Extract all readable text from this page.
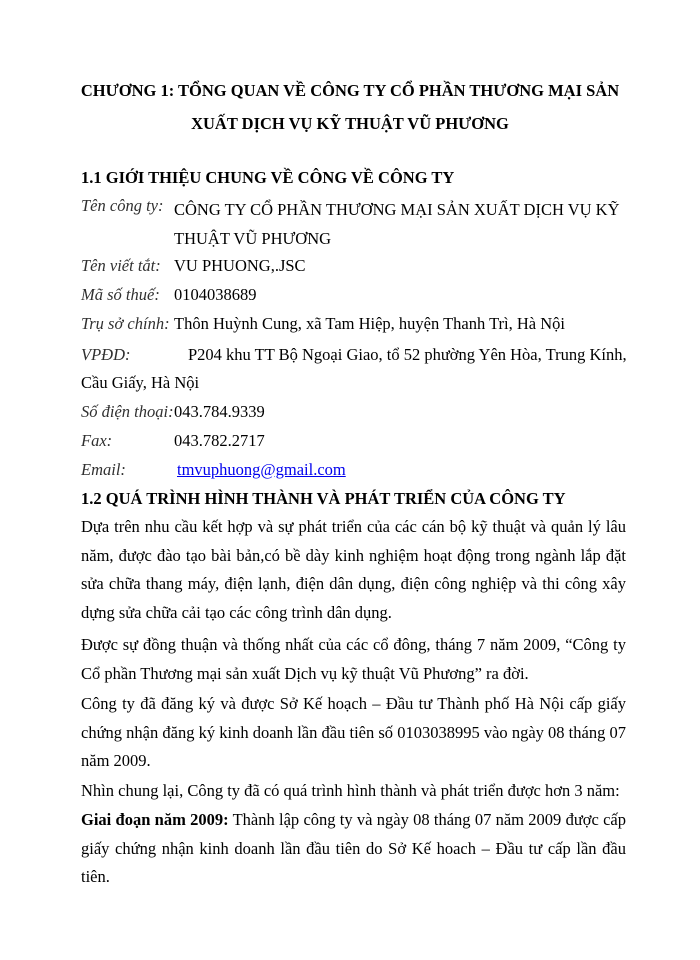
CHƯƠNG 1: TỔNG QUAN VỀ CÔNG TY CỔ PHẦN THƯƠNG MẠI SẢN
XUẤT DỊCH VỤ KỸ THUẬT VŨ PHƯƠNG
1.1 GIỚI THIỆU CHUNG VỀ CÔNG VỀ CÔNG TY
Tên công ty: CÔNG TY CỔ PHẦN THƯƠNG MẠI SẢN XUẤT DỊCH VỤ KỸ THUẬT VŨ PHƯƠNG
Tên viết tắt: VU PHUONG,.JSC
Mã số thuế: 0104038689
Trụ sở chính: Thôn Huỳnh Cung, xã Tam Hiệp, huyện Thanh Trì, Hà Nội
VPĐD:	P204 khu TT Bộ Ngoại Giao, tổ 52 phường Yên Hòa, Trung Kính,
Cầu Giấy, Hà Nội
Số điện thoại: 043.784.9339
Fax:	043.782.2717
Email:	tmvuphuong@gmail.com
1.2 QUÁ TRÌNH HÌNH THÀNH VÀ PHÁT TRIỂN CỦA CÔNG TY
Dựa trên nhu cầu kết hợp và sự phát triển của các cán bộ kỹ thuật và quản lý lâu năm, được đào tạo bài bản,có bề dày kinh nghiệm hoạt động trong ngành lắp đặt sửa chữa thang máy, điện lạnh, điện dân dụng, điện công nghiệp và thi công xây dựng sửa chữa cải tạo các công trình dân dụng.
Được sự đồng thuận và thống nhất của các cổ đông, tháng 7 năm 2009, “Công ty Cổ phần Thương mại sản xuất Dịch vụ kỹ thuật Vũ Phương” ra đời.
Công ty đã đăng ký và được Sở Kế hoạch – Đầu tư Thành phố Hà Nội cấp giấy chứng nhận đăng ký kinh doanh lần đầu tiên số 0103038995 vào ngày 08 tháng 07 năm 2009.
Nhìn chung lại, Công ty đã có quá trình hình thành và phát triển được hơn 3 năm:
Giai đoạn năm 2009: Thành lập công ty và ngày 08 tháng 07 năm 2009 được cấp giấy chứng nhận kinh doanh lần đầu tiên do Sở Kế hoach – Đầu tư cấp lần đầu tiên.
